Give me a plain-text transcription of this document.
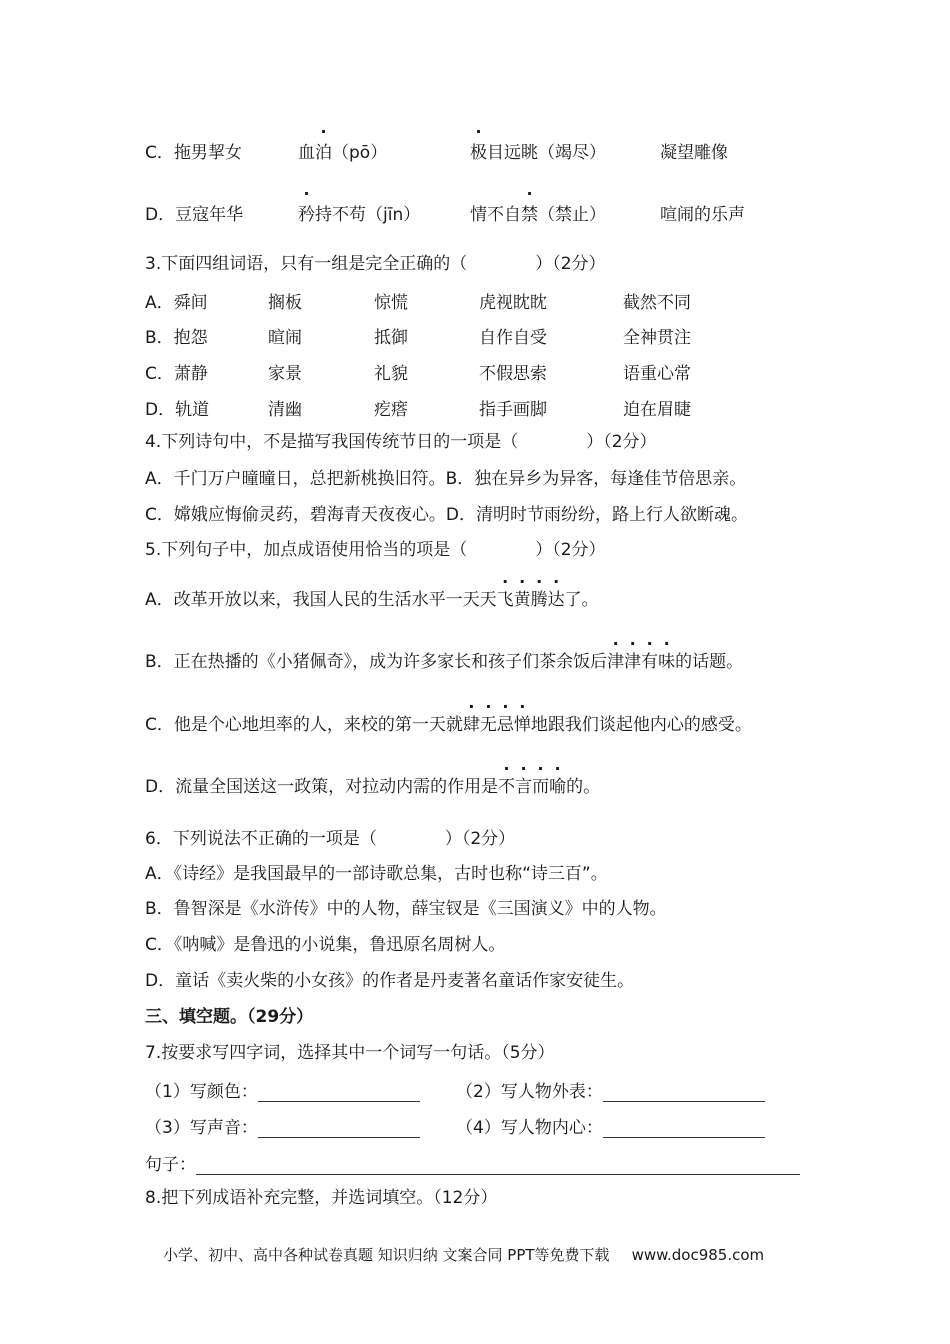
C．拖男挈女	血泊（pō）	极目远眺（竭尽）	凝望雕像
D．豆寇年华	矜持不苟（jīn）	情不自禁（禁止）	喧闹的乐声
3.下面四组词语，只有一组是完全正确的（　　　　）（2分）
A．舜间	搁板	惊慌	虎视眈眈	截然不同
B．抱怨	暄闹	抵御	自作自受	全神贯注
C．萧静	家景	礼貌	不假思索	语重心常
D．轨道	清幽	疙瘩	指手画脚	迫在眉睫
4.下列诗句中，不是描写我国传统节日的一项是（　　　　）（2分）
A．千门万户曈曈日，总把新桃换旧符。B．独在异乡为异客，每逢佳节倍思亲。
C．嫦娥应悔偷灵药，碧海青天夜夜心。D．清明时节雨纷纷，路上行人欲断魂。
5.下列句子中，加点成语使用恰当的项是（　　　　）（2分）
A．改革开放以来，我国人民的生活水平一天天飞黄腾达了。
B．正在热播的《小猪佩奇》，成为许多家长和孩子们茶余饭后津津有味的话题。
C．他是个心地坦率的人，来校的第一天就肆无忌惮地跟我们谈起他内心的感受。
D．流量全国送这一政策，对拉动内需的作用是不言而喻的。
6．下列说法不正确的一项是（　　　　）（2分）
A．《诗经》是我国最早的一部诗歌总集，古时也称“诗三百”。
B．鲁智深是《水浒传》中的人物，薛宝钗是《三国演义》中的人物。
C．《呐喊》是鲁迅的小说集，鲁迅原名周树人。
D．童话《卖火柴的小女孩》的作者是丹麦著名童话作家安徒生。
三、填空题。（29分）
7.按要求写四字词，选择其中一个词写一句话。（5分）
（1）写颜色：	（2）写人物外表：
（3）写声音：	（4）写人物内心：
句子：
8.把下列成语补充完整，并选词填空。（12分）
小学、初中、高中各种试卷真题 知识归纳 文案合同 PPT等免费下载 www.doc985.com
